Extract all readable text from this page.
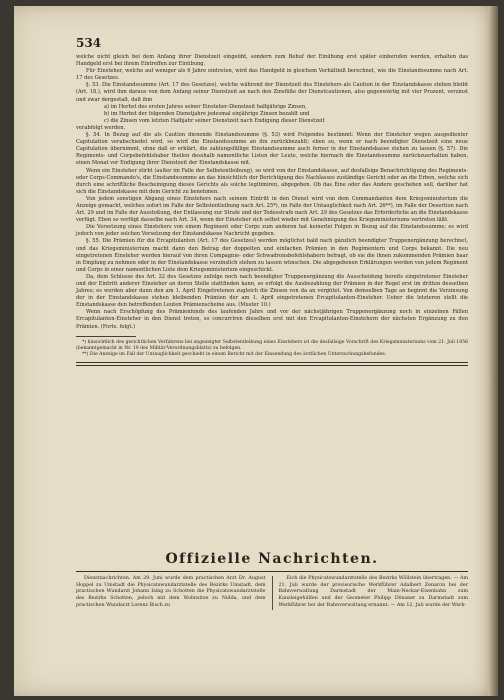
534

welche nicht gleich bei dem Anfang ihrer Dienstzeit eingeübt, sondern zum Behuf der Einübung erst später einberufen werden, erhalten das Handgeld erst bei ihrem Eintreffen zur Einübung.

Für Einsteher, welche auf weniger als 6 Jahre eintreten, wird das Handgeld in gleichem Verhältniß berechnet, wie die Einstandssumme nach Art. 17 des Gesetzes.

§. 53. Die Einstandssumme (Art. 17 des Gesetzes), welche während der Dienstzeit des Einstehers als Caution in der Einstandskasse stehen bleibt (Art. 18.), wird ihm daraus von dem Anfang seiner Dienstzeit an nach den Zinsfüße der Dienstcautionen, also gegenwärtig mit vier Prozent, verzinst und zwar dergestalt, daß ihm

a) im Herbst des ersten Jahres seiner Einsteher-Dienstzeit halbjährige Zinsen,
b) im Herbst der folgenden Dienstjahre jedesmal einjährige Zinsen bezahlt und
c) die Zinsen vom letzten Halbjahr seiner Dienstzeit nach Endigung dieser Dienstzeit

verabfolgt werden.

§. 54. In Bezug auf die als Caution dienende Einstandssumme (§. 53) wird Folgendes bestimmt: Wenn der Einsteher wegen ausgedienter Capitulation verabschiedet wird, so wird die Einstandssumme an ihn zurückbezahlt; eben so, wenn er nach beendigter Dienstzeit eine neue Capitulation übernimmt, ohne daß er erklärt, die zahlungsfällige Einstandssumme auch ferner in der Einstandskasse stehen zu lassen (§. 57). Die Regiments- und Corpsbefehlshaber theilen desshalb namentliche Listen der Leute, welche hiernach die Einstandssumme zurückzuerhalten haben, einen Monat vor Endigung ihrer Dienstzeit der Einstandskasse mit.

Wenn ein Einsteher stirbt (außer im Falle der Selbstentleibung), so wird von der Einstandskasse, auf desfallsige Benachrichtigung des Regiments- oder Corps-Commando's, die Einstandssumme an das hinsichtlich der Berichtigung des Nachlasses zuständige Gericht oder an die Erben, welche sich durch eine schriftliche Bescheinigung dieses Gerichts als solche legitimiren, abgegeben. Ob das Eine oder das Andere geschehen soll, darüber hat sich die Einstandskasse mit dem Gericht zu benehmen.

Von jedem sonstigen Abgang eines Einstehers nach seinem Eintritt in den Dienst wird von dem Commandanten dem Kriegsministerium die Anzeige gemacht, welches sofort im Falle der Selbstentleibung nach Art. 25*), im Falle der Untauglichkeit nach Art. 26**), im Falle der Desertion nach Art. 29 und im Falle der Ausstoßung, der Entlassung zur Strafe und der Todesstrafe nach Art. 29 des Gesetzes das Erforderliche an die Einstandskasse verfügt. Eben so verfügt dasselbe nach Art. 34, wenn der Einsteher sich selbst wieder mit Genehmigung des Kriegsministeriums vertreten läßt.

Die Versetzung eines Einstehers von einem Regiment oder Corps zum anderen hat keinerlei Folgen in Bezug auf die Einstandssumme; es wird jedoch von jeder solchen Versetzung der Einstandskasse Nachricht gegeben.

§. 55. Die Prämien für die Ercapitulanten (Art. 17 des Gesetzes) werden möglichst bald nach gänzlich beendigter Truppenergänzung berechnet, und das Kriegsministerium macht dann den Betrag der doppelten und einfachen Prämien in den Regimentern und Corps bekannt. Die neu eingetretenen Einsteher werden hierauf von ihren Compagnie- oder Schwadronsbefehlshabern befragt, ob sie die ihnen zukommenden Prämien baar in Empfang zu nehmen oder in der Einstandskasse verzinslich stehen zu lassen wünschen. Die abgegebenen Erklärungen werden von jedem Regiment und Corps in einer namentlichen Liste dem Kriegsministerium eingeschickt.

Da, dem Schlusse des Art. 22 des Gesetzes zufolge noch nach beendigter Truppenergänzung die Ausscheidung bereits eingetretener Einsteher und der Eintritt anderer Einsteher an deren Stelle stattfinden kann, so erfolgt die Ausbezahlung der Prämien in der Regel erst im dritten desselben Jahres; es werden aber dann den am 1. April Eingetretenen zugleich die Zinsen von da an vergütet. Von demselben Tage an beginnt die Verzinsung der in der Einstandskasse stehen bleibenden Prämien der am 1. April eingetretenen Ercapitulanten-Einsteher. Ueber die letzteren stellt die Einstandskasse den betreffenden Leuten Prämienscheine aus. (Muster 10.)

Wenn nach Erschöpfung des Prämienfonds des laufenden Jahrs und vor der nächstjährigen Truppenergänzung noch in einzelnen Fällen Ercapitulanten-Einsteher in den Dienst treten, so concurriren dieselben erst mit den Ercapitulanten-Einstehern der nächsten Ergänzung zu den Prämien. (Forts. folgt.)

*) hinsichtlich des gerichtlichen Verfahrens bei angezeigter Selbstentleibung eines Einstehers ist die desfallsige Vorschrift des Kriegsministeriums vom 21. Juli 1856 (bekanntgemacht in Nr. 19 des Militär-Verordnungsblatts) zu befolgen.

**) Die Anzeige im Fall der Untauglichkeit geschieht in einem Bericht mit der Einsendung des ärztlichen Untersuchungsbefundes.

Offizielle Nachrichten.

Dienstnachrichten. Am 29. Juni wurde dem practischen Arzt Dr. August Hoppel zu Umstadt die Physicatswundarztstelle des Bezirks Umstadt, dem practischen Wundarzt Johann Ising zu Schotten die Physicatswundarztstelle des Bezirks Schotten, jedoch mit dem Wohnsitze zu Nidda, und dem practischen Wundarzt Lorenz Bisch zu

Eich die Physicatswundarztstelle des Bezirks Wöllstein übertragen. — Am 21. Juli wurde der provisorische Werkführer Adalbert Zenaron bei der Bahnverwaltung Darmstadt der Main-Neckar-Eisenbahn zum Kanzleigehülfen und der Geometer Philipp Dönsner zu Darmstadt zum Werkführer bei der Bahnverwaltung ernannt. — Am 12. Juli wurde der Werk-
